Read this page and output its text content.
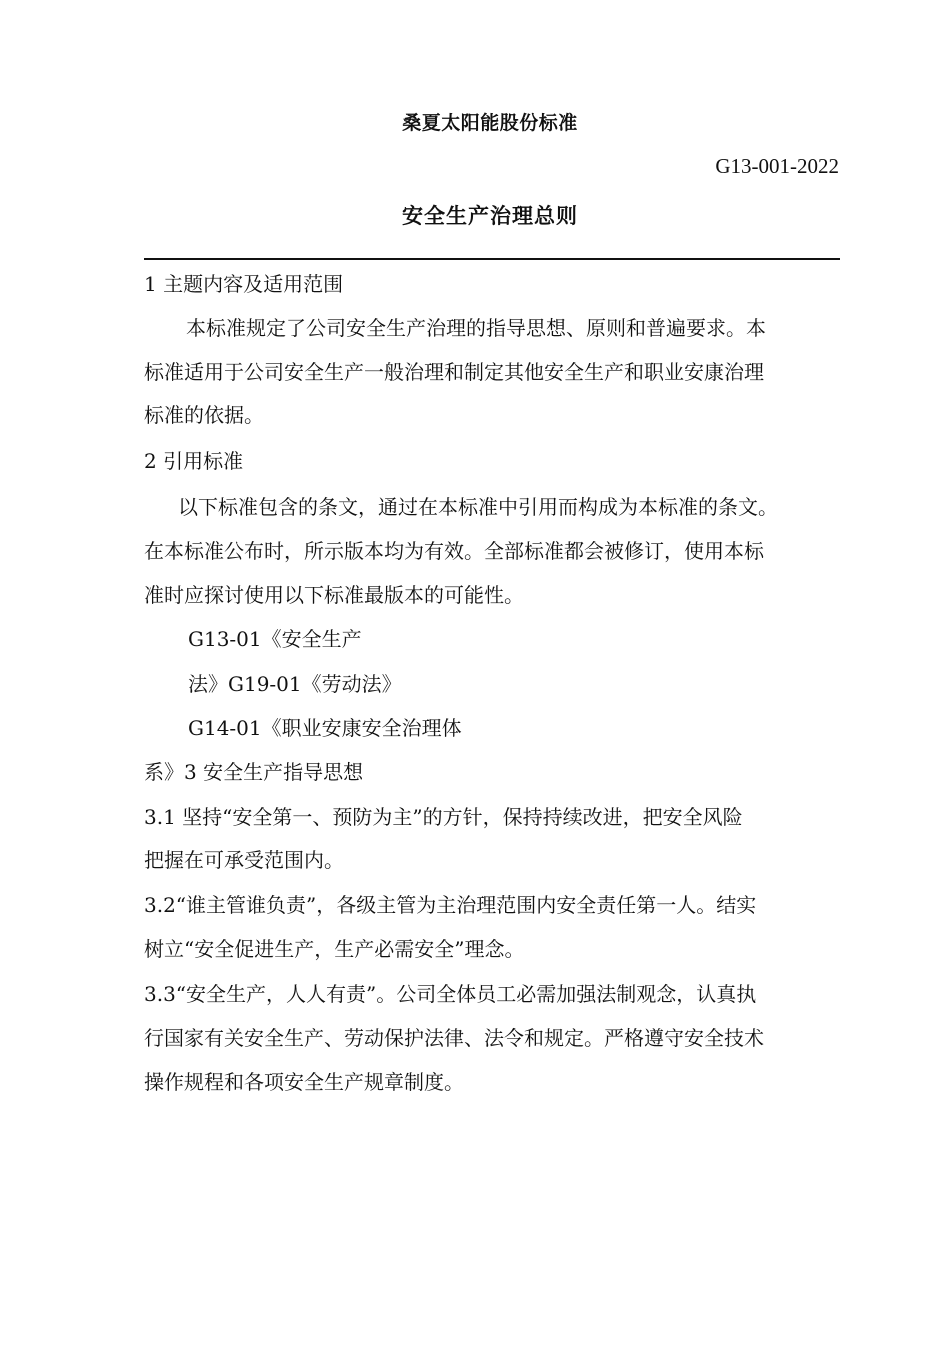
桑夏太阳能股份标准
G13-001-2022
安全生产治理总则
1 主题内容及适用范围
本标准规定了公司安全生产治理的指导思想、原则和普遍要求。本
标准适用于公司安全生产一般治理和制定其他安全生产和职业安康治理
标准的依据。
2 引用标准
以下标准包含的条文，通过在本标准中引用而构成为本标准的条文。
在本标准公布时，所示版本均为有效。全部标准都会被修订，使用本标
准时应探讨使用以下标准最版本的可能性。
G13-01《安全生产
法》G19-01《劳动法》
G14-01《职业安康安全治理体
系》3 安全生产指导思想
3.1 坚持“安全第一、预防为主”的方针，保持持续改进，把安全风险
把握在可承受范围内。
3.2“谁主管谁负责”，各级主管为主治理范围内安全责任第一人。结实
树立“安全促进生产，生产必需安全”理念。
3.3“安全生产，人人有责”。公司全体员工必需加强法制观念，认真执
行国家有关安全生产、劳动保护法律、法令和规定。严格遵守安全技术
操作规程和各项安全生产规章制度。
